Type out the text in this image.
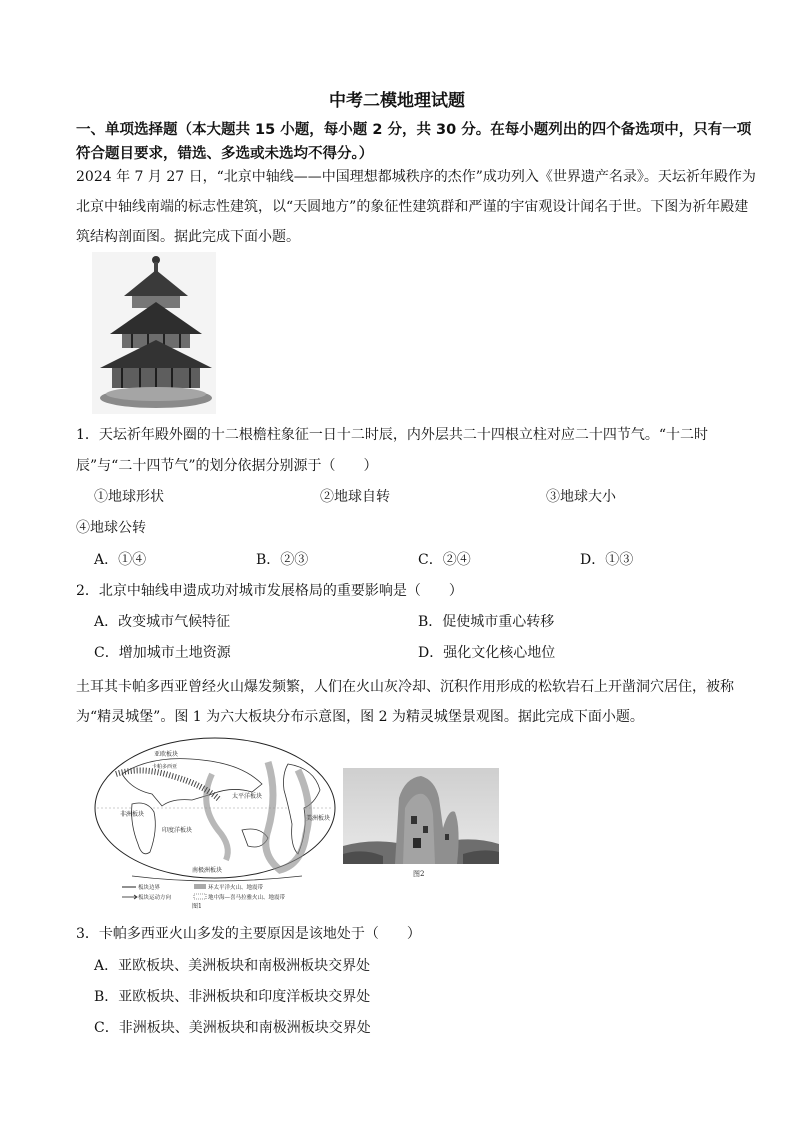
中考二模地理试题
一、单项选择题（本大题共 15 小题，每小题 2 分，共 30 分。在每小题列出的四个备选项中，只有一项符合题目要求，错选、多选或未选均不得分。）
2024 年 7 月 27 日，“北京中轴线——中国理想都城秩序的杰作”成功列入《世界遗产名录》。天坛祈年殿作为北京中轴线南端的标志性建筑，以“天圆地方”的象征性建筑群和严谨的宇宙观设计闻名于世。下图为祈年殿建筑结构剖面图。据此完成下面小题。
1．天坛祈年殿外圈的十二根檐柱象征一日十二时辰，内外层共二十四根立柱对应二十四节气。“十二时
辰”与“二十四节气”的划分依据分别源于（　　）
①地球形状	②地球自转	③地球大小
④地球公转
A．①④	B．②③	C．②④	D．①③
2．北京中轴线申遗成功对城市发展格局的重要影响是（　　）
A．改变城市气候特征	B．促使城市重心转移
C．增加城市土地资源	D．强化文化核心地位
土耳其卡帕多西亚曾经火山爆发频繁，人们在火山灰冷却、沉积作用形成的松软岩石上开凿洞穴居住，被称为“精灵城堡”。图 1 为六大板块分布示意图，图 2 为精灵城堡景观图。据此完成下面小题。
亚欧板块
卡帕多西亚
非洲板块
印度洋板块
太平洋板块
美洲板块
南极洲板块
板块边界	环太平洋火山、地震带
板块运动方向	地中海—喜马拉雅火山、地震带
图1
图2
3．卡帕多西亚火山多发的主要原因是该地处于（　　）
A．亚欧板块、美洲板块和南极洲板块交界处
B．亚欧板块、非洲板块和印度洋板块交界处
C．非洲板块、美洲板块和南极洲板块交界处
